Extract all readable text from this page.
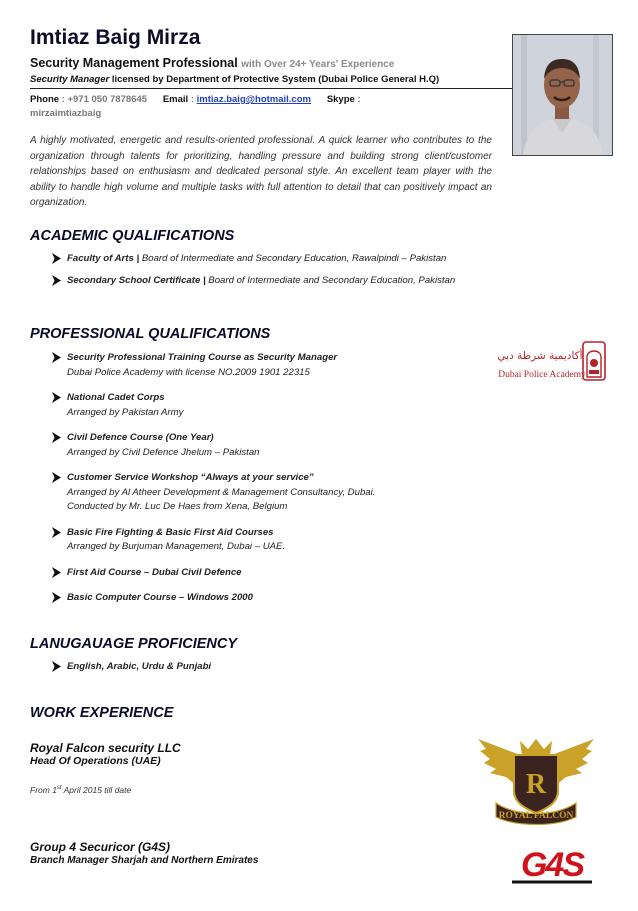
Imtiaz Baig Mirza
Security Management Professional with Over 24+ Years' Experience
Security Manager licensed by Department of Protective System (Dubai Police General H.Q)
Phone : +971 050 7878645 Email : imtiaz.baig@hotmail.com Skype :
mirzaimtiazbaig
A highly motivated, energetic and results-oriented professional. A quick learner who contributes to the organization through talents for prioritizing, handling pressure and building strong client/customer relationships based on enthusiasm and dedicated personal style. An excellent team player with the ability to handle high volume and multiple tasks with full attention to detail that can positively impact an organization.
ACADEMIC QUALIFICATIONS
Faculty of Arts | Board of Intermediate and Secondary Education, Rawalpindi – Pakistan
Secondary School Certificate | Board of Intermediate and Secondary Education, Pakistan
PROFESSIONAL QUALIFICATIONS
Security Professional Training Course as Security Manager
Dubai Police Academy with license NO.2009 1901 22315
National Cadet Corps
Arranged by Pakistan Army
Civil Defence Course (One Year)
Arranged by Civil Defence Jhelum – Pakistan
Customer Service Workshop “Always at your service”
Arranged by Al Atheer Development & Management Consultancy, Dubai.
Conducted by Mr. Luc De Haes from Xena, Belgium
Basic Fire Fighting & Basic First Aid Courses
Arranged by Burjuman Management, Dubai – UAE.
First Aid Course – Dubai Civil Defence
Basic Computer Course – Windows 2000
أكاديمية شرطة دبي
Dubai Police Academy
LANUGAUAGE PROFICIENCY
English, Arabic, Urdu & Punjabi
WORK EXPERIENCE
Royal Falcon security LLC
Head Of Operations (UAE)
From 1st April 2015 till date
Group 4 Securicor (G4S)
Branch Manager Sharjah and Northern Emirates
R
ROYAL FALCON
G4S
